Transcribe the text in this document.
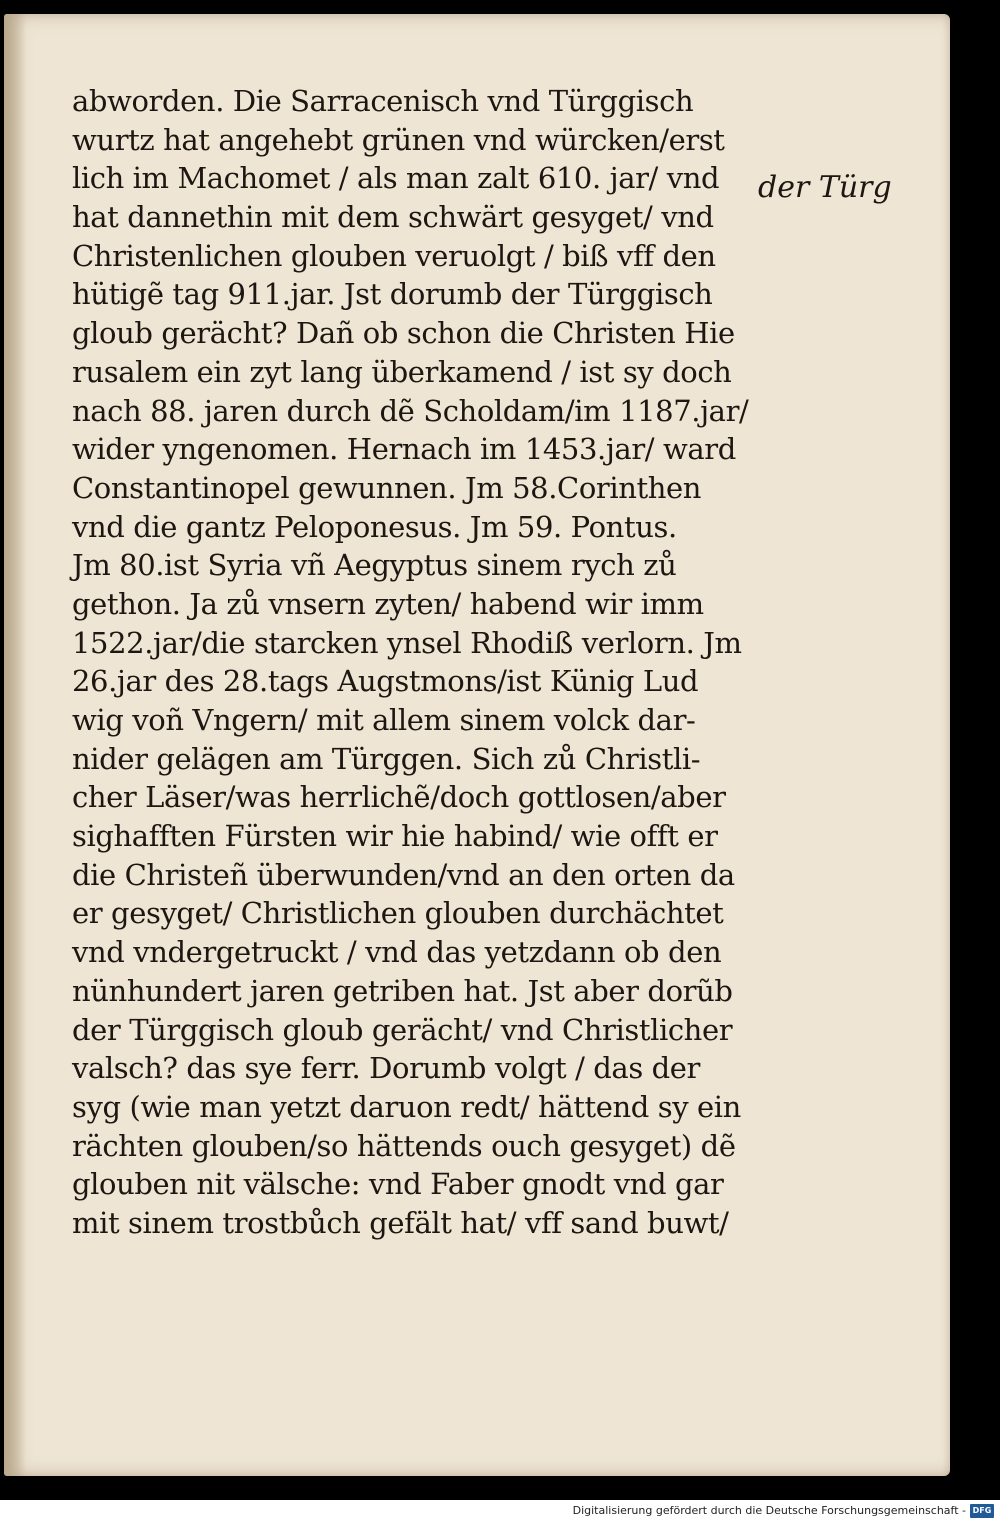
abworden. Die Sarracenisch vnd Türggisch
wurtz hat angehebt grünen vnd würcken/erst
lich im Machomet / als man zalt 610. jar/ vnd
hat dannethin mit dem schwärt gesyget/ vnd
Christenlichen glouben veruolgt / biß vff den
hütigẽ tag 911.jar. Jst dorumb der Türggisch
gloub gerächt? Dañ ob schon die Christen Hie
rusalem ein zyt lang überkamend / ist sy doch
nach 88. jaren durch dẽ Scholdam/im 1187.jar/
wider yngenomen. Hernach im 1453.jar/ ward
Constantinopel gewunnen. Jm 58.Corinthen
vnd die gantz Peloponesus. Jm 59. Pontus.
Jm 80.ist Syria vñ Aegyptus sinem rych zů
gethon. Ja zů vnsern zyten/ habend wir imm
1522.jar/die starcken ynsel Rhodiß verlorn. Jm
26.jar des 28.tags Augstmons/ist Künig Lud
wig voñ Vngern/ mit allem sinem volck dar-
nider gelägen am Türggen. Sich zů Christli-
cher Läser/was herrlichẽ/doch gottlosen/aber
sighafften Fürsten wir hie habind/ wie offt er
die Christeñ überwunden/vnd an den orten da
er gesyget/ Christlichen glouben durchächtet
vnd vndergetruckt / vnd das yetzdann ob den
nünhundert jaren getriben hat. Jst aber dorũb
der Türggisch gloub gerächt/ vnd Christlicher
valsch? das sye ferr. Dorumb volgt / das der
syg (wie man yetzt daruon redt/ hättend sy ein
rächten glouben/so hättends ouch gesyget) dẽ
glouben nit välsche: vnd Faber gnodt vnd gar
mit sinem trostbůch gefält hat/ vff sand buwt/
der Türg
Digitalisierung gefördert durch die Deutsche Forschungsgemeinschaft - DFG
